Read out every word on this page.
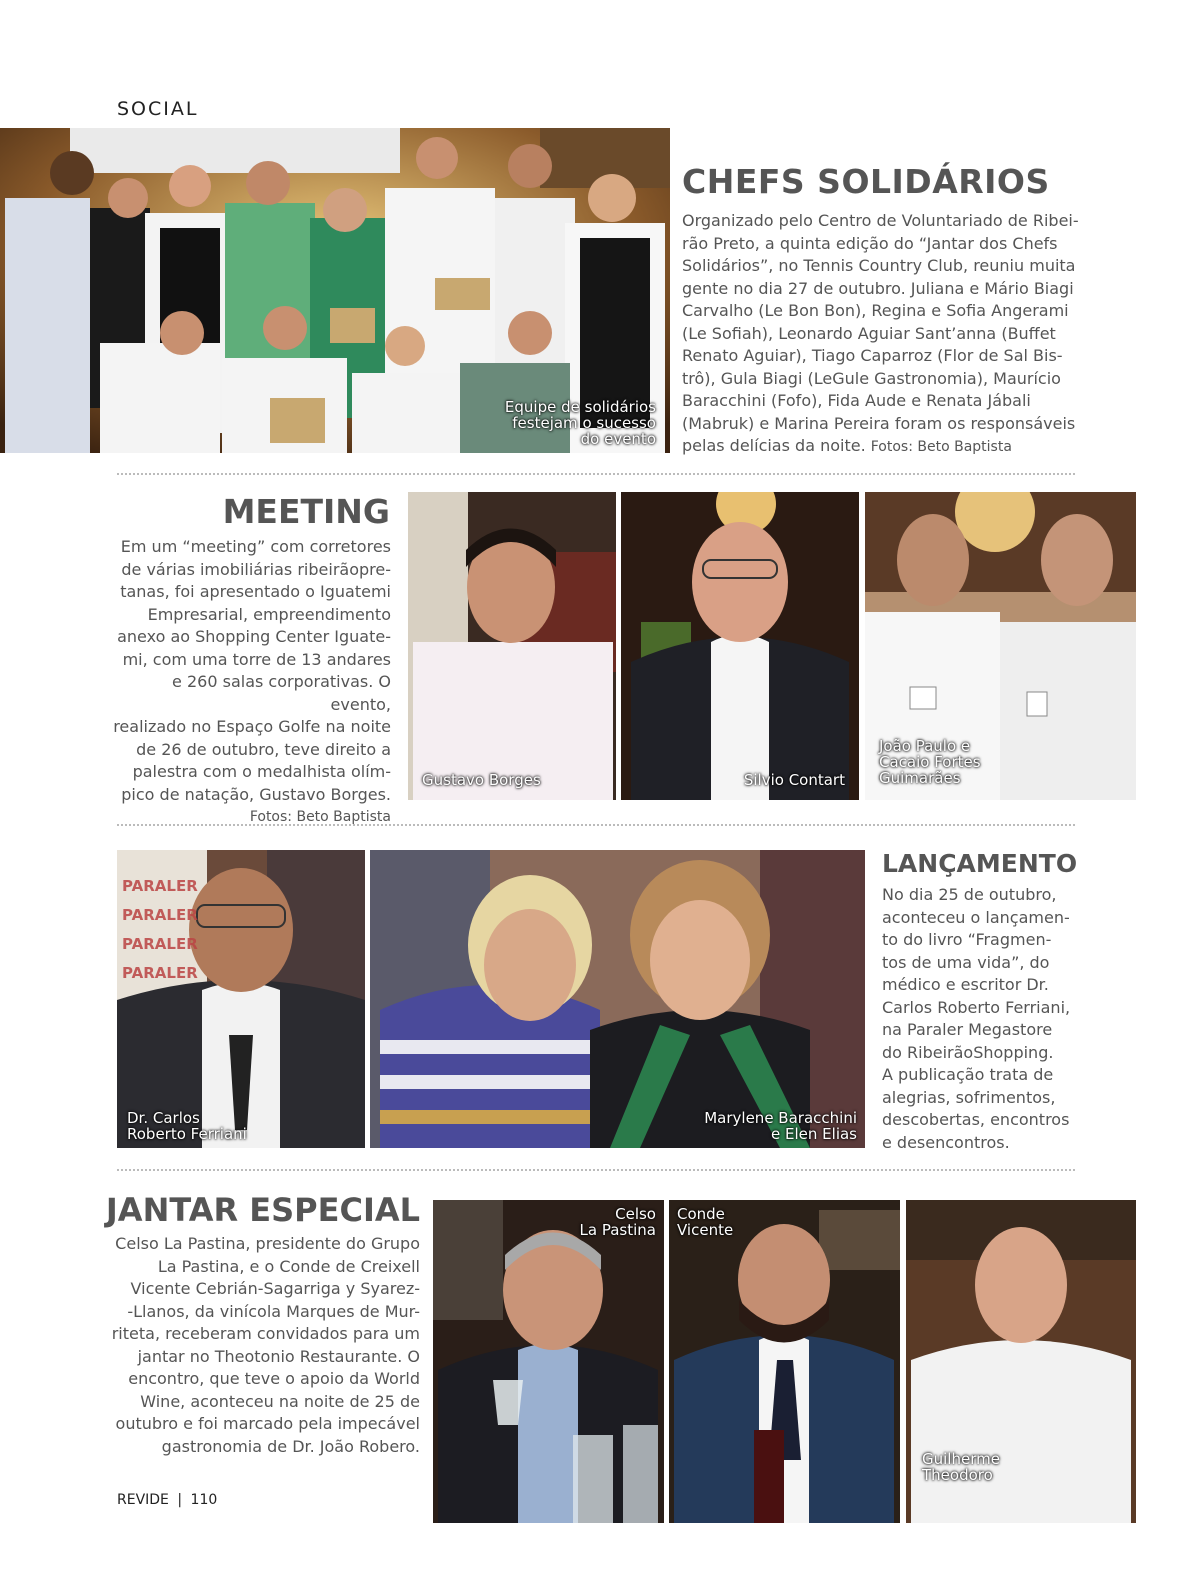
SOCIAL
Equipe de solidários
festejam o sucesso
do evento
CHEFS SOLIDÁRIOS
Organizado pelo Centro de Voluntariado de Ribei-
rão Preto, a quinta edição do “Jantar dos Chefs
Solidários”, no Tennis Country Club, reuniu muita
gente no dia 27 de outubro. Juliana e Mário Biagi
Carvalho (Le Bon Bon), Regina e Sofia Angerami
(Le Sofiah), Leonardo Aguiar Sant’anna (Buffet
Renato Aguiar), Tiago Caparroz (Flor de Sal Bis-
trô), Gula Biagi (LeGule Gastronomia), Maurício
Baracchini (Fofo), Fida Aude e Renata Jábali
(Mabruk) e Marina Pereira foram os responsáveis
pelas delícias da noite. Fotos: Beto Baptista
MEETING
Em um “meeting” com corretores
de várias imobiliárias ribeirãopre-
tanas, foi apresentado o Iguatemi
Empresarial, empreendimento
anexo ao Shopping Center Iguate-
mi, com uma torre de 13 andares
e 260 salas corporativas. O evento,
realizado no Espaço Golfe na noite
de 26 de outubro, teve direito a
palestra com o medalhista olím-
pico de natação, Gustavo Borges.
Fotos: Beto Baptista
Gustavo Borges	Silvio Contart
João Paulo e
Cacaio Fortes
Guimarães
PARALER
PARALER
PARALER
PARALER
Dr. Carlos
Roberto Ferriani
Marylene Baracchini
e Elen Elias
LANÇAMENTO
No dia 25 de outubro,
aconteceu o lançamen-
to do livro “Fragmen-
tos de uma vida”, do
médico e escritor Dr.
Carlos Roberto Ferriani,
na Paraler Megastore
do RibeirãoShopping.
A publicação trata de
alegrias, sofrimentos,
descobertas, encontros
e desencontros.
JANTAR ESPECIAL
Celso La Pastina, presidente do Grupo
La Pastina, e o Conde de Creixell
Vicente Cebrián-Sagarriga y Syarez-
-Llanos, da vinícola Marques de Mur-
riteta, receberam convidados para um
jantar no Theotonio Restaurante. O
encontro, que teve o apoio da World
Wine, aconteceu na noite de 25 de
outubro e foi marcado pela impecável
gastronomia de Dr. João Robero.
Celso
La Pastina
Conde
Vicente
Guilherme
Theodoro
REVIDE | 110
